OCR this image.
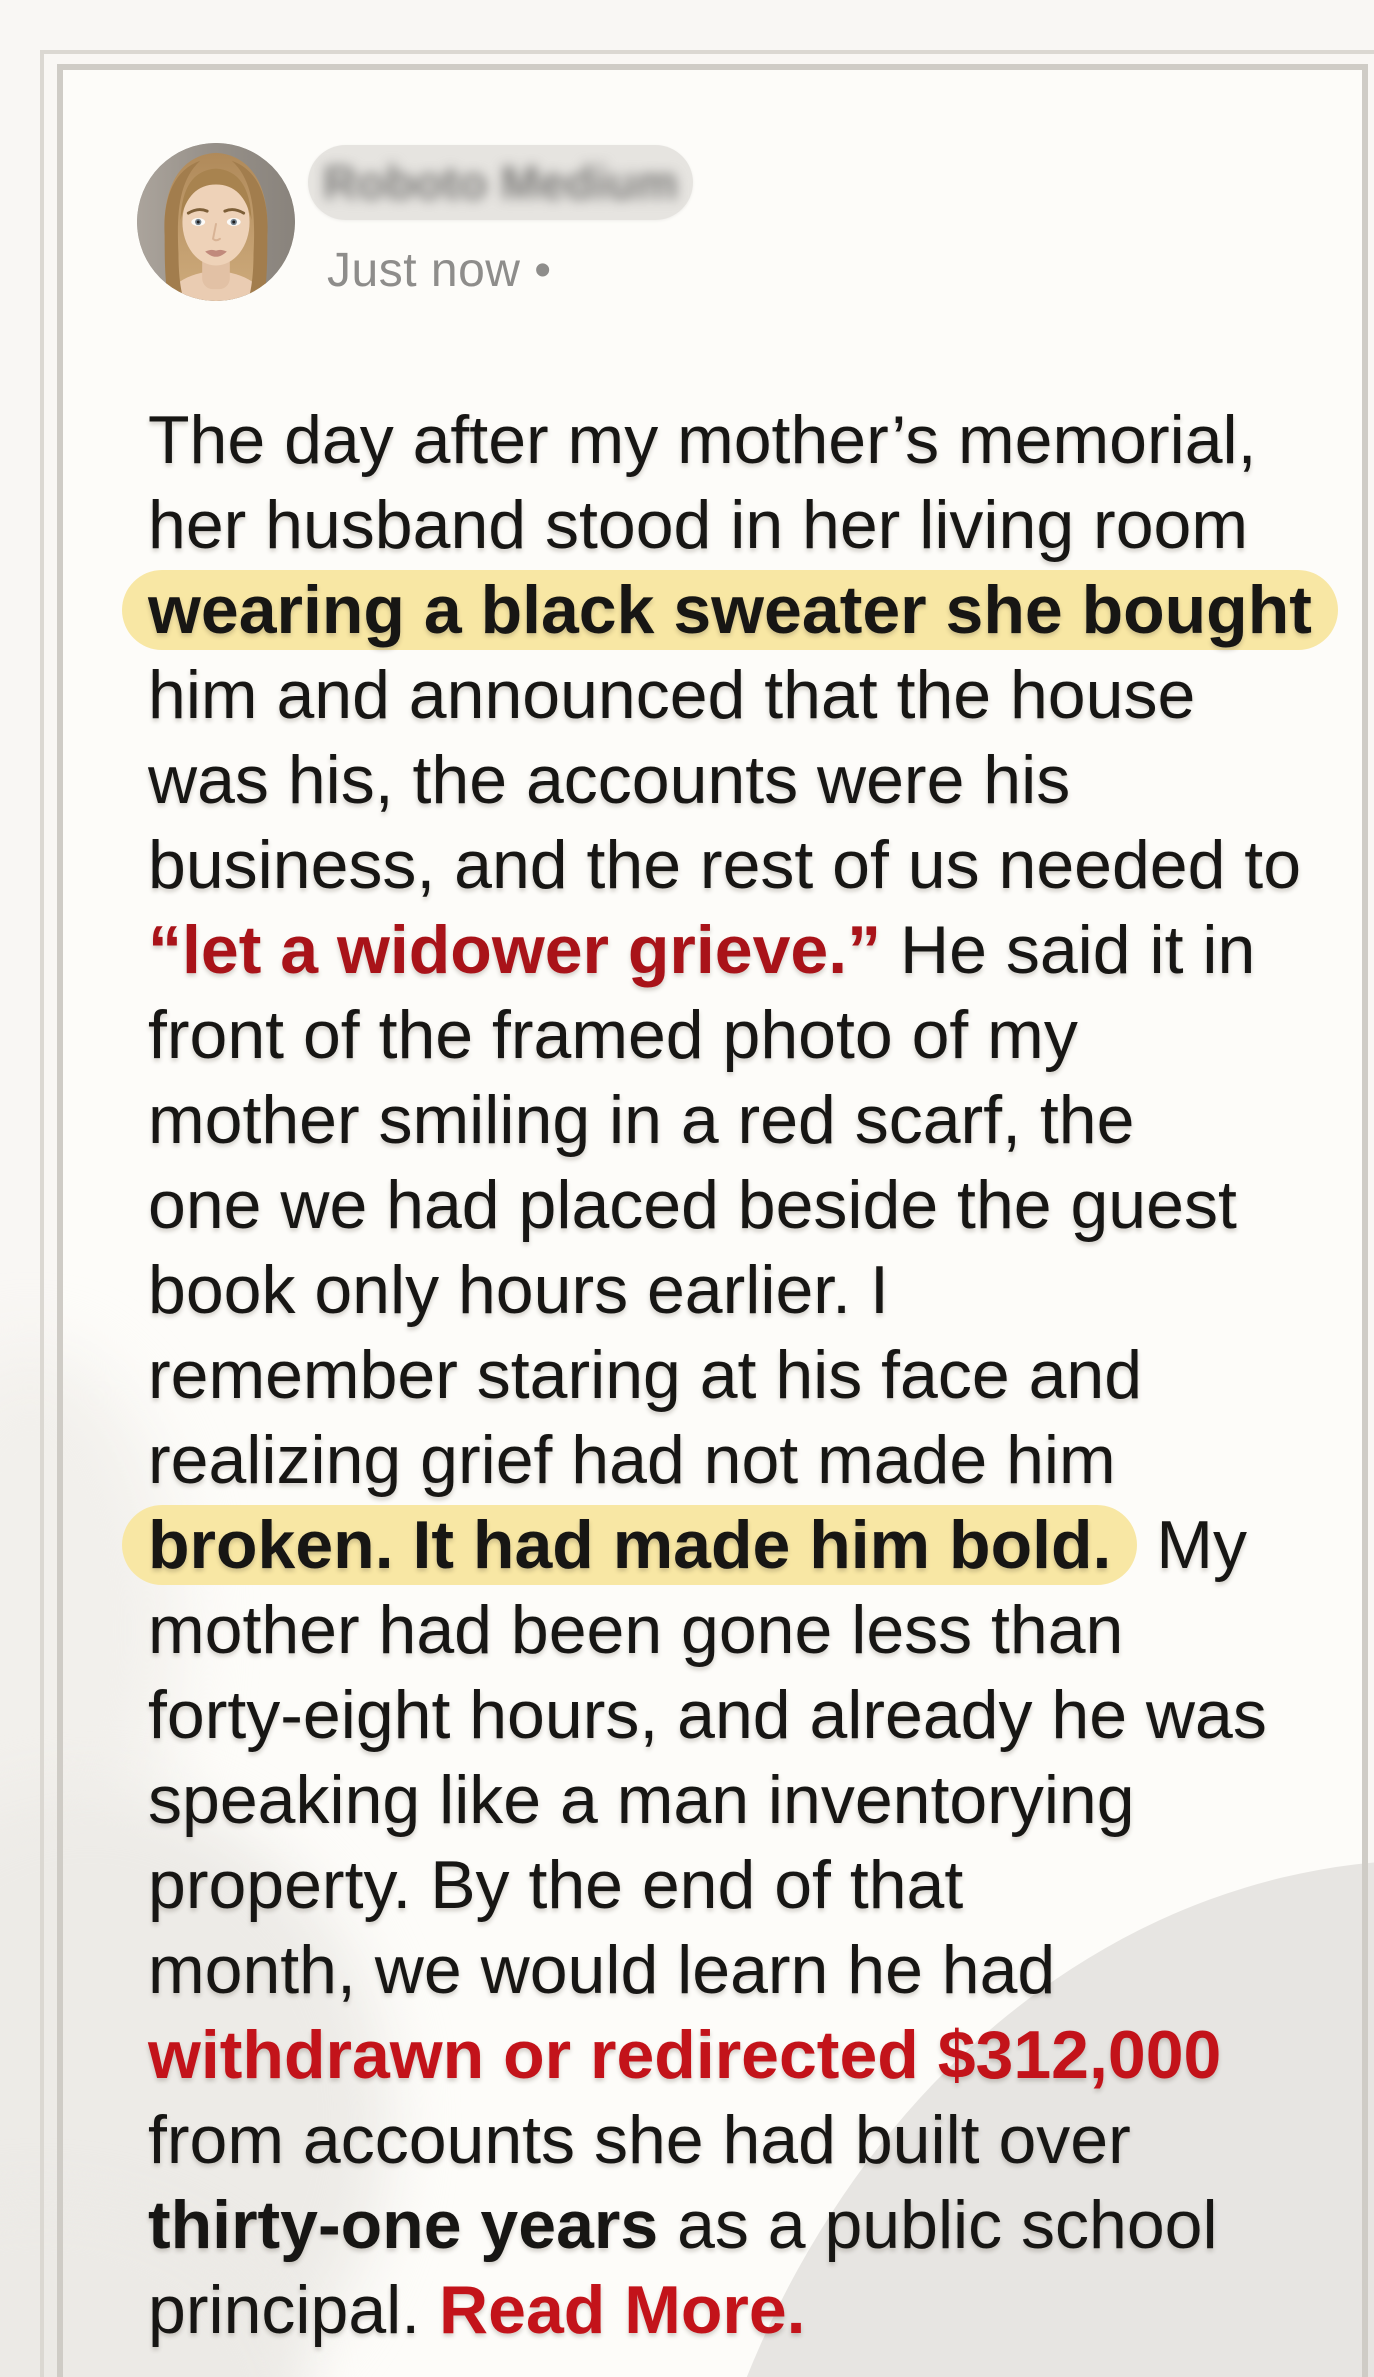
Roboto Medium
Just now •
The day after my mother’s memorial,
her husband stood in her living room
wearing a black sweater she bought
him and announced that the house
was his, the accounts were his
business, and the rest of us needed to
“let a widower grieve.” He said it in
front of the framed photo of my
mother smiling in a red scarf, the
one we had placed beside the guest
book only hours earlier. I
remember staring at his face and
realizing grief had not made him
broken. It had made him bold. My
mother had been gone less than
forty-eight hours, and already he was
speaking like a man inventorying
property. By the end of that
month, we would learn he had
withdrawn or redirected $312,000
from accounts she had built over
thirty-one years as a public school
principal. Read More.
